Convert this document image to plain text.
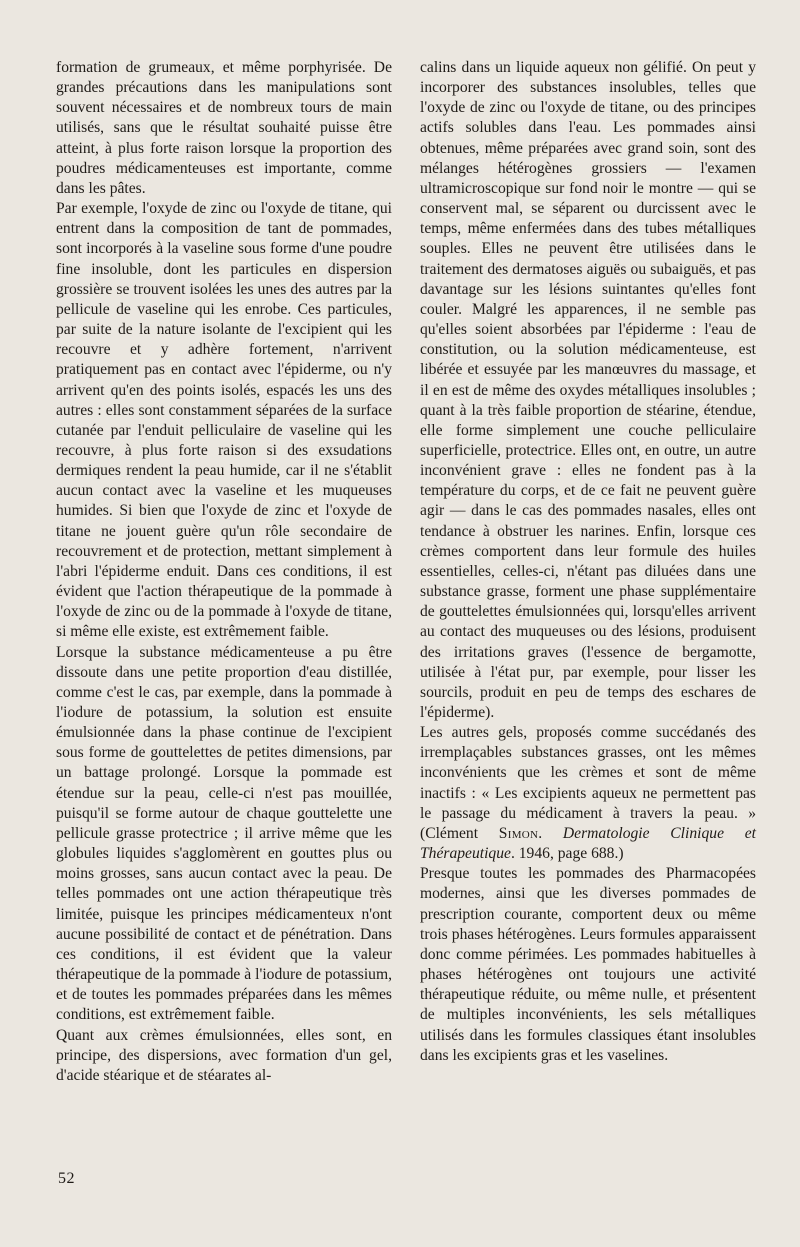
formation de grumeaux, et même porphyrisée. De grandes précautions dans les manipulations sont souvent nécessaires et de nombreux tours de main utilisés, sans que le résultat souhaité puisse être atteint, à plus forte raison lorsque la proportion des poudres médicamenteuses est importante, comme dans les pâtes.

Par exemple, l'oxyde de zinc ou l'oxyde de titane, qui entrent dans la composition de tant de pommades, sont incorporés à la vaseline sous forme d'une poudre fine insoluble, dont les particules en dispersion grossière se trouvent isolées les unes des autres par la pellicule de vaseline qui les enrobe. Ces particules, par suite de la nature isolante de l'excipient qui les recouvre et y adhère fortement, n'arrivent pratiquement pas en contact avec l'épiderme, ou n'y arrivent qu'en des points isolés, espacés les uns des autres : elles sont constamment séparées de la surface cutanée par l'enduit pelliculaire de vaseline qui les recouvre, à plus forte raison si des exsudations dermiques rendent la peau humide, car il ne s'établit aucun contact avec la vaseline et les muqueuses humides. Si bien que l'oxyde de zinc et l'oxyde de titane ne jouent guère qu'un rôle secondaire de recouvrement et de protection, mettant simplement à l'abri l'épiderme enduit. Dans ces conditions, il est évident que l'action thérapeutique de la pommade à l'oxyde de zinc ou de la pommade à l'oxyde de titane, si même elle existe, est extrêmement faible.

Lorsque la substance médicamenteuse a pu être dissoute dans une petite proportion d'eau distillée, comme c'est le cas, par exemple, dans la pommade à l'iodure de potassium, la solution est ensuite émulsionnée dans la phase continue de l'excipient sous forme de gouttelettes de petites dimensions, par un battage prolongé. Lorsque la pommade est étendue sur la peau, celle-ci n'est pas mouillée, puisqu'il se forme autour de chaque gouttelette une pellicule grasse protectrice ; il arrive même que les globules liquides s'agglomèrent en gouttes plus ou moins grosses, sans aucun contact avec la peau. De telles pommades ont une action thérapeutique très limitée, puisque les principes médicamenteux n'ont aucune possibilité de contact et de pénétration. Dans ces conditions, il est évident que la valeur thérapeutique de la pommade à l'iodure de potassium, et de toutes les pommades préparées dans les mêmes conditions, est extrêmement faible.

Quant aux crèmes émulsionnées, elles sont, en principe, des dispersions, avec formation d'un gel, d'acide stéarique et de stéarates al-

calins dans un liquide aqueux non gélifié. On peut y incorporer des substances insolubles, telles que l'oxyde de zinc ou l'oxyde de titane, ou des principes actifs solubles dans l'eau. Les pommades ainsi obtenues, même préparées avec grand soin, sont des mélanges hétérogènes grossiers — l'examen ultramicroscopique sur fond noir le montre — qui se conservent mal, se séparent ou durcissent avec le temps, même enfermées dans des tubes métalliques souples. Elles ne peuvent être utilisées dans le traitement des dermatoses aiguës ou subaiguës, et pas davantage sur les lésions suintantes qu'elles font couler. Malgré les apparences, il ne semble pas qu'elles soient absorbées par l'épiderme : l'eau de constitution, ou la solution médicamenteuse, est libérée et essuyée par les manœuvres du massage, et il en est de même des oxydes métalliques insolubles ; quant à la très faible proportion de stéarine, étendue, elle forme simplement une couche pelliculaire superficielle, protectrice. Elles ont, en outre, un autre inconvénient grave : elles ne fondent pas à la température du corps, et de ce fait ne peuvent guère agir — dans le cas des pommades nasales, elles ont tendance à obstruer les narines. Enfin, lorsque ces crèmes comportent dans leur formule des huiles essentielles, celles-ci, n'étant pas diluées dans une substance grasse, forment une phase supplémentaire de gouttelettes émulsionnées qui, lorsqu'elles arrivent au contact des muqueuses ou des lésions, produisent des irritations graves (l'essence de bergamotte, utilisée à l'état pur, par exemple, pour lisser les sourcils, produit en peu de temps des eschares de l'épiderme).

Les autres gels, proposés comme succédanés des irremplaçables substances grasses, ont les mêmes inconvénients que les crèmes et sont de même inactifs : « Les excipients aqueux ne permettent pas le passage du médicament à travers la peau. » (Clément Simon. Dermatologie Clinique et Thérapeutique. 1946, page 688.)

Presque toutes les pommades des Pharmacopées modernes, ainsi que les diverses pommades de prescription courante, comportent deux ou même trois phases hétérogènes. Leurs formules apparaissent donc comme périmées. Les pommades habituelles à phases hétérogènes ont toujours une activité thérapeutique réduite, ou même nulle, et présentent de multiples inconvénients, les sels métalliques utilisés dans les formules classiques étant insolubles dans les excipients gras et les vaselines.

52
